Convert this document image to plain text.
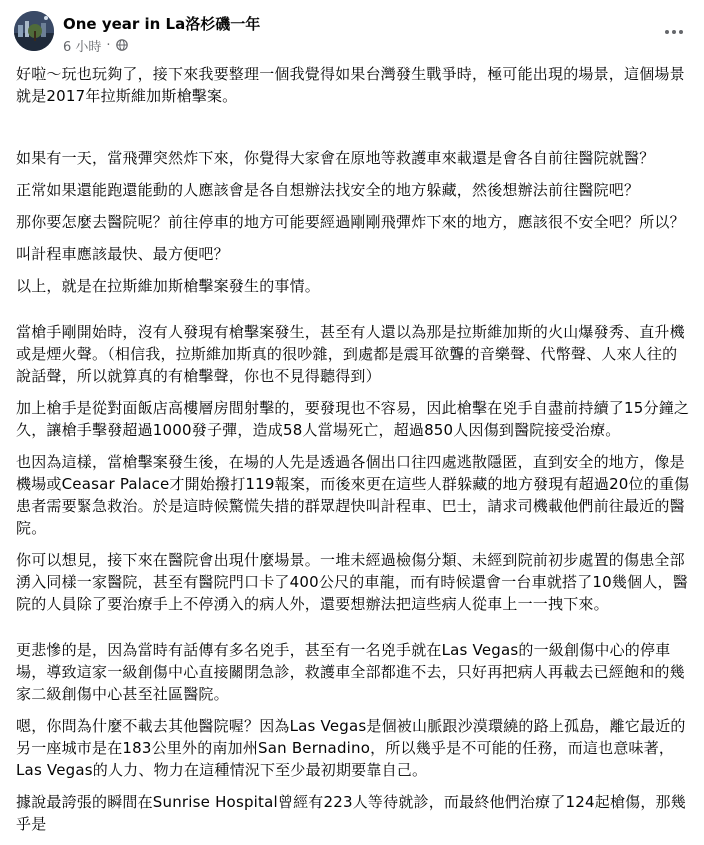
One year in La洛杉磯一年
6 小時 ·

好啦～玩也玩夠了，接下來我要整理一個我覺得如果台灣發生戰爭時，極可能出現的場景，這個場景就是2017年拉斯維加斯槍擊案。

如果有一天，當飛彈突然炸下來，你覺得大家會在原地等救護車來載還是會各自前往醫院就醫？

正常如果還能跑還能動的人應該會是各自想辦法找安全的地方躲藏，然後想辦法前往醫院吧？

那你要怎麼去醫院呢？前往停車的地方可能要經過剛剛飛彈炸下來的地方，應該很不安全吧？所以？

叫計程車應該最快、最方便吧？

以上，就是在拉斯維加斯槍擊案發生的事情。

當槍手剛開始時，沒有人發現有槍擊案發生，甚至有人還以為那是拉斯維加斯的火山爆發秀、直升機或是煙火聲。（相信我，拉斯維加斯真的很吵雜，到處都是震耳欲聾的音樂聲、代幣聲、人來人往的說話聲，所以就算真的有槍擊聲，你也不見得聽得到）

加上槍手是從對面飯店高樓層房間射擊的，要發現也不容易，因此槍擊在兇手自盡前持續了15分鐘之久，讓槍手擊發超過1000發子彈，造成58人當場死亡，超過850人因傷到醫院接受治療。

也因為這樣，當槍擊案發生後，在場的人先是透過各個出口往四處逃散隱匿，直到安全的地方，像是機場或Ceasar Palace才開始撥打119報案，而後來更在這些人群躲藏的地方發現有超過20位的重傷患者需要緊急救治。於是這時候驚慌失措的群眾趕快叫計程車、巴士，請求司機載他們前往最近的醫院。

你可以想見，接下來在醫院會出現什麼場景。一堆未經過檢傷分類、未經到院前初步處置的傷患全部湧入同樣一家醫院，甚至有醫院門口卡了400公尺的車龍，而有時候還會一台車就搭了10幾個人，醫院的人員除了要治療手上不停湧入的病人外，還要想辦法把這些病人從車上一一拽下來。

更悲慘的是，因為當時有話傳有多名兇手，甚至有一名兇手就在Las Vegas的一級創傷中心的停車場，導致這家一級創傷中心直接關閉急診，救護車全部都進不去，只好再把病人再載去已經飽和的幾家二級創傷中心甚至社區醫院。

嗯，你問為什麼不載去其他醫院喔？因為Las Vegas是個被山脈跟沙漠環繞的路上孤島，離它最近的另一座城市是在183公里外的南加州San Bernadino，所以幾乎是不可能的任務，而這也意味著，Las Vegas的人力、物力在這種情況下至少最初期要靠自己。

據說最誇張的瞬間在Sunrise Hospital曾經有223人等待就診，而最終他們治療了124起槍傷，那幾乎是
